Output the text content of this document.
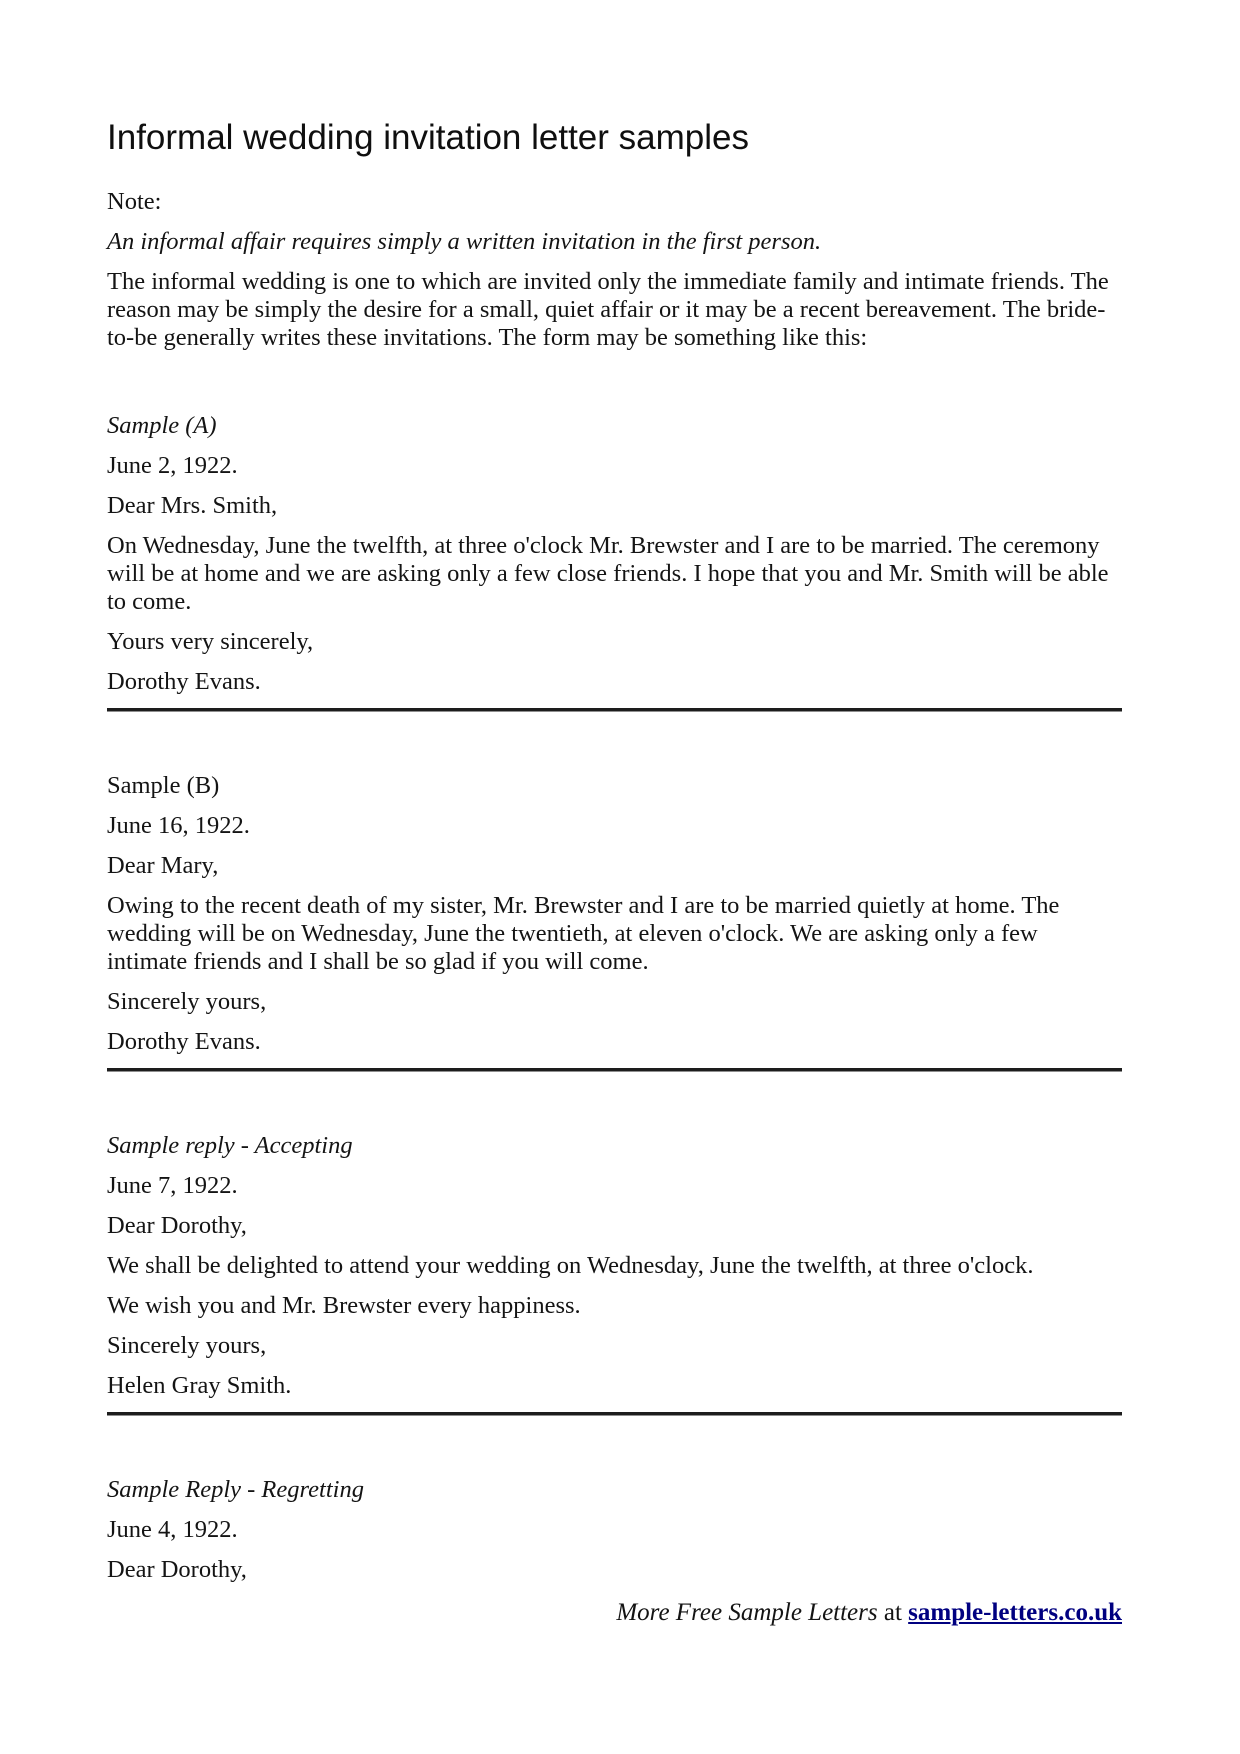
Informal wedding invitation letter samples

Note:

An informal affair requires simply a written invitation in the first person.

The informal wedding is one to which are invited only the immediate family and intimate friends. The reason may be simply the desire for a small, quiet affair or it may be a recent bereavement. The bride-to-be generally writes these invitations. The form may be something like this:

Sample (A)

June 2, 1922.

Dear Mrs. Smith,

On Wednesday, June the twelfth, at three o'clock Mr. Brewster and I are to be married. The ceremony will be at home and we are asking only a few close friends. I hope that you and Mr. Smith will be able to come.

Yours very sincerely,

Dorothy Evans.

Sample (B)

June 16, 1922.

Dear Mary,

Owing to the recent death of my sister, Mr. Brewster and I are to be married quietly at home. The wedding will be on Wednesday, June the twentieth, at eleven o'clock. We are asking only a few intimate friends and I shall be so glad if you will come.

Sincerely yours,

Dorothy Evans.

Sample reply - Accepting

June 7, 1922.

Dear Dorothy,

We shall be delighted to attend your wedding on Wednesday, June the twelfth, at three o'clock.

We wish you and Mr. Brewster every happiness.

Sincerely yours,

Helen Gray Smith.

Sample Reply - Regretting

June 4, 1922.

Dear Dorothy,

More Free Sample Letters at sample-letters.co.uk
